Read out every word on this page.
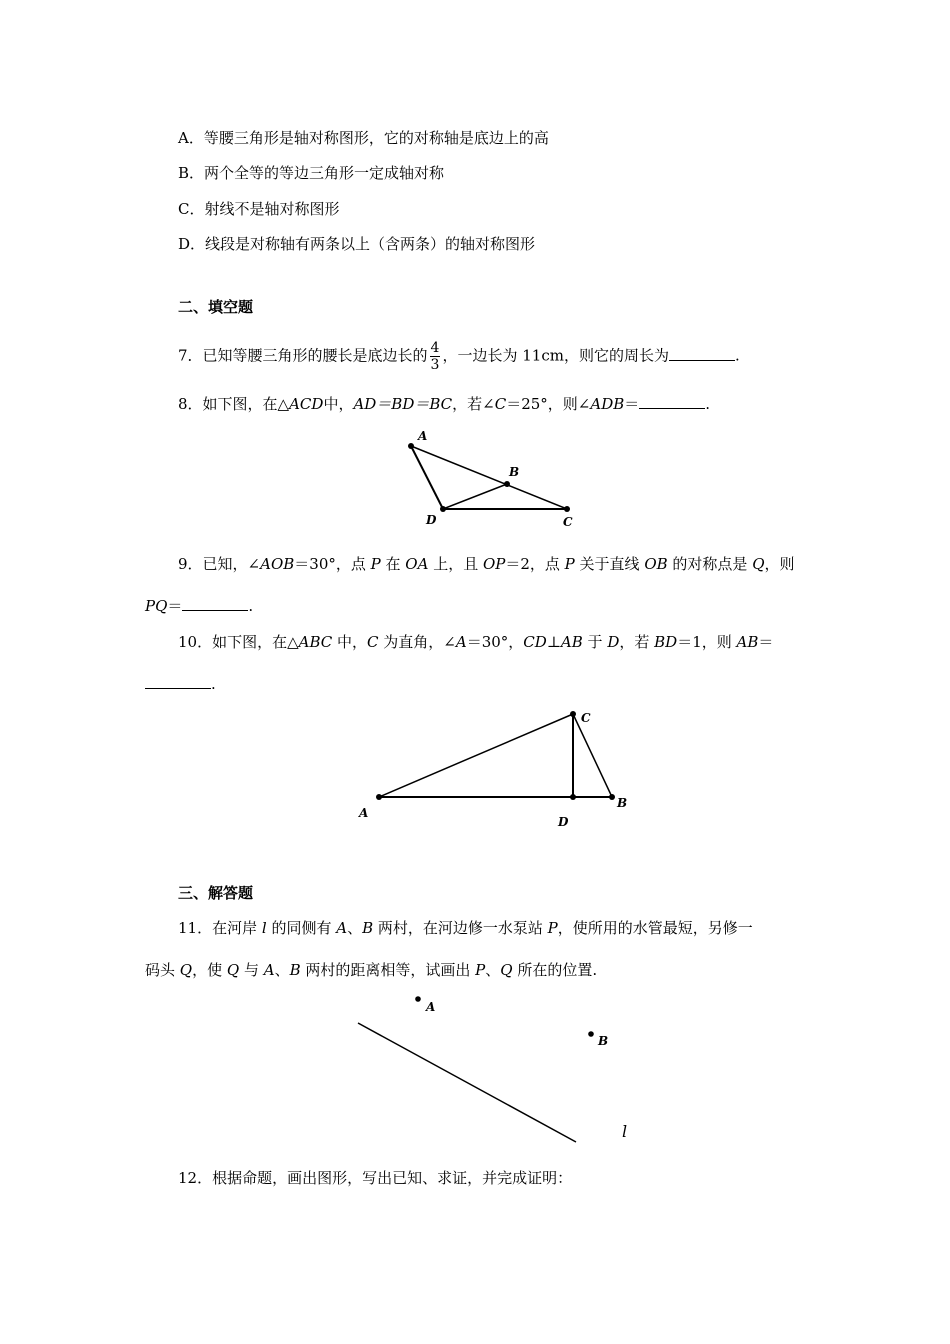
A．等腰三角形是轴对称图形，它的对称轴是底边上的高
B．两个全等的等边三角形一定成轴对称
C．射线不是轴对称图形
D．线段是对称轴有两条以上（含两条）的轴对称图形
二、填空题
7．已知等腰三角形的腰长是底边长的 $\frac{4}{3}$ ，一边长为 11cm，则它的周长为	.
8．如下图，在△ACD中，AD＝BD＝BC，若∠C＝25°，则∠ADB＝	.
A
B
D	C
9．已知，∠AOB＝30°，点 P 在 OA 上，且 OP＝2，点 P 关于直线 OB 的对称点是 Q，则
PQ＝	.
10．如下图，在△ABC 中，C 为直角，∠A＝30°，CD⊥AB 于 D，若 BD＝1，则 AB＝
.
A
C
D
B
三、解答题
11．在河岸 l 的同侧有 A、B 两村，在河边修一水泵站 P，使所用的水管最短，另修一
码头 Q，使 Q 与 A、B 两村的距离相等，试画出 P、Q 所在的位置.
A
B
l
12．根据命题，画出图形，写出已知、求证，并完成证明：
